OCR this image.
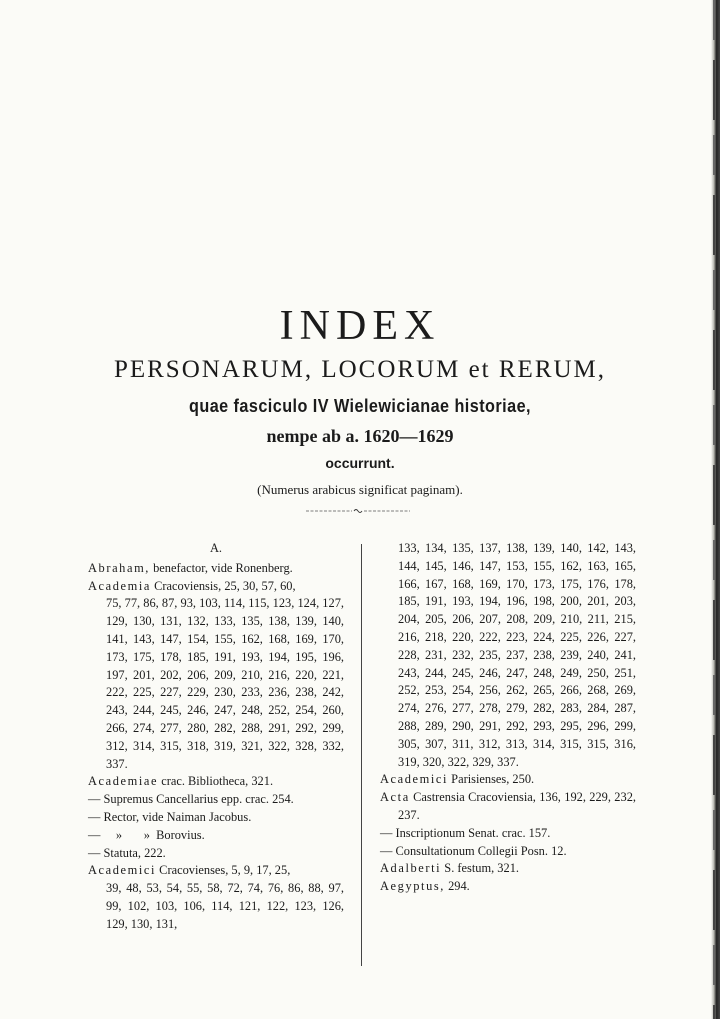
INDEX
PERSONARUM, LOCORUM et RERUM,
quae fasciculo IV Wielewicianae historiae,
nempe ab a. 1620—1629
occurrunt.
(Numerus arabicus significat paginam).
A.
Abraham, benefactor, vide Ronenberg.
Academia Cracoviensis, 25, 30, 57, 60,
75, 77, 86, 87, 93, 103, 114, 115, 123, 124, 127, 129, 130, 131, 132, 133, 135, 138, 139, 140, 141, 143, 147, 154, 155, 162, 168, 169, 170, 173, 175, 178, 185, 191, 193, 194, 195, 196, 197, 201, 202, 206, 209, 210, 216, 220, 221, 222, 225, 227, 229, 230, 233, 236, 238, 242, 243, 244, 245, 246, 247, 248, 252, 254, 260, 266, 274, 277, 280, 282, 288, 291, 292, 299, 312, 314, 315, 318, 319, 321, 322, 328, 332, 337.
Academiae crac. Bibliotheca, 321.
— Supremus Cancellarius epp. crac. 254.
— Rector, vide Naiman Jacobus.
—     »       »  Borovius.
— Statuta, 222.
Academici Cracovienses, 5, 9, 17, 25,
39, 48, 53, 54, 55, 58, 72, 74, 76, 86, 88, 97, 99, 102, 103, 106, 114, 121, 122, 123, 126, 129, 130, 131,
133, 134, 135, 137, 138, 139, 140, 142, 143, 144, 145, 146, 147, 153, 155, 162, 163, 165, 166, 167, 168, 169, 170, 173, 175, 176, 178, 185, 191, 193, 194, 196, 198, 200, 201, 203, 204, 205, 206, 207, 208, 209, 210, 211, 215, 216, 218, 220, 222, 223, 224, 225, 226, 227, 228, 231, 232, 235, 237, 238, 239, 240, 241, 243, 244, 245, 246, 247, 248, 249, 250, 251, 252, 253, 254, 256, 262, 265, 266, 268, 269, 274, 276, 277, 278, 279, 282, 283, 284, 287, 288, 289, 290, 291, 292, 293, 295, 296, 299, 305, 307, 311, 312, 313, 314, 315, 315, 316, 319, 320, 322, 329, 337.
Academici Parisienses, 250.
Acta Castrensia Cracoviensia, 136, 192, 229, 232, 237.
— Inscriptionum Senat. crac. 157.
— Consultationum Collegii Posn. 12.
Adalberti S. festum, 321.
Aegyptus, 294.
